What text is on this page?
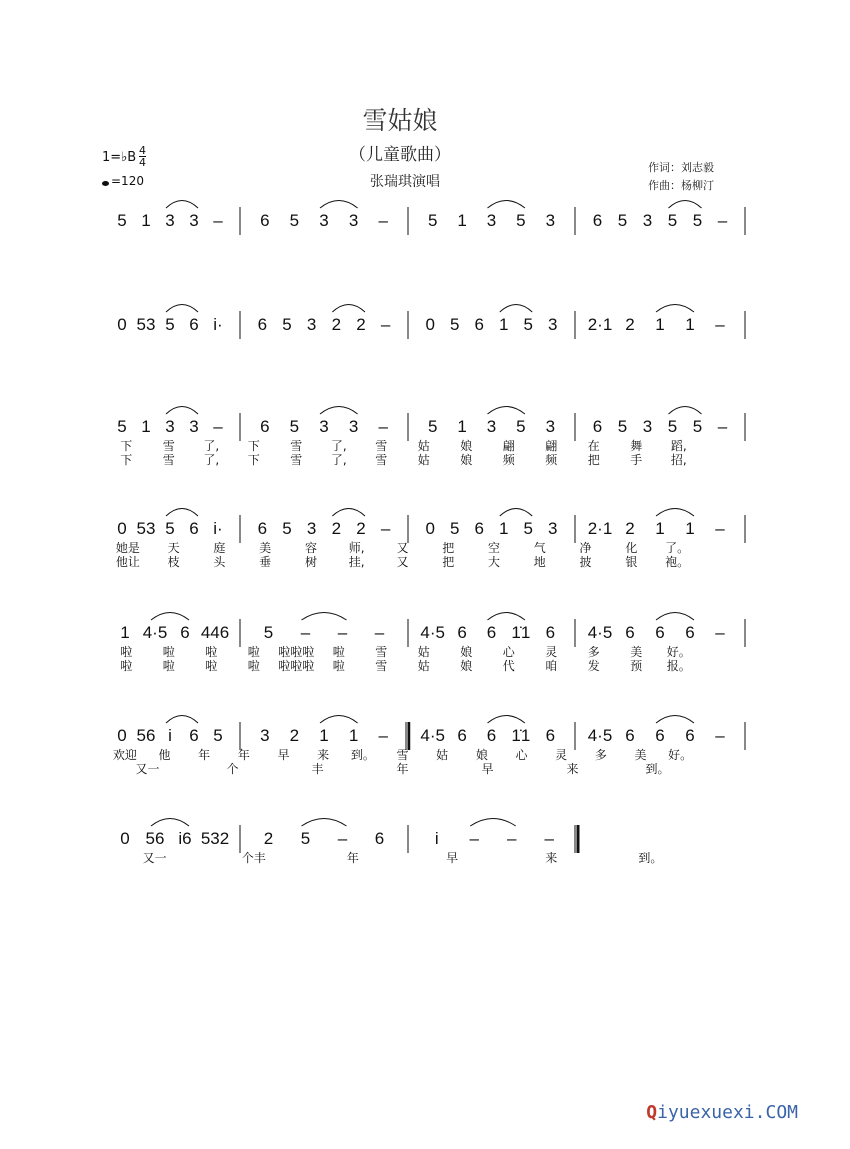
雪姑娘
（儿童歌曲）
张瑞琪演唱
作词：刘志毅
作曲：杨柳汀
1=♭B 4
4
=120
5 1 3 3 – 6 5 3 3 – 5 1 3 5 3 6 5 3 5 5 –
0 53 5 6 i· 6 5 3 2 2 – 0 5 6 1 5 3 2·1 2 1 1 –
5 1 3 3 – 6 5 3 3 – 5 1 3 5 3 6 5 3 5 5 –
下	雪 了, 下	雪 了, 雪	姑	娘	翩	翩	在	舞 蹈,
下	雪 了, 下	雪 了, 雪	姑	娘	频	频	把	手 招,
0 53 5 6 i· 6 5 3 2 2 – 0 5 6 1 5 3 2·1 2 1 1 –
她是 天	庭	美	容	师,	又	把	空	气	净	化 了。
他让 枝	头	垂	树	挂,	又	把	大	地	披	银 袍。
1 4·5 6 446 5 – – – 4·5 6 6 1̇1 6 4·5 6 6 6 –
啦	啦	啦	啦 啦啦啦 啦	雪	姑	娘	心	灵	多	美 好。
啦	啦	啦	啦 啦啦啦 啦	雪	姑	娘	代	咱	发	预 报。
0 56 i 6 5 3 2 1 1 – 4·5 6 6 1̇1 6 4·5 6 6 6 –
欢迎 他 年 年 早 来 到。 雪 姑 娘 心 灵 多 美 好。
又一	个	丰	年	早	来	到。
0 56 i6 532 2 5 – 6	i – – –
又一	个丰	年	早	来	到。
Qiyuexuexi.COM
